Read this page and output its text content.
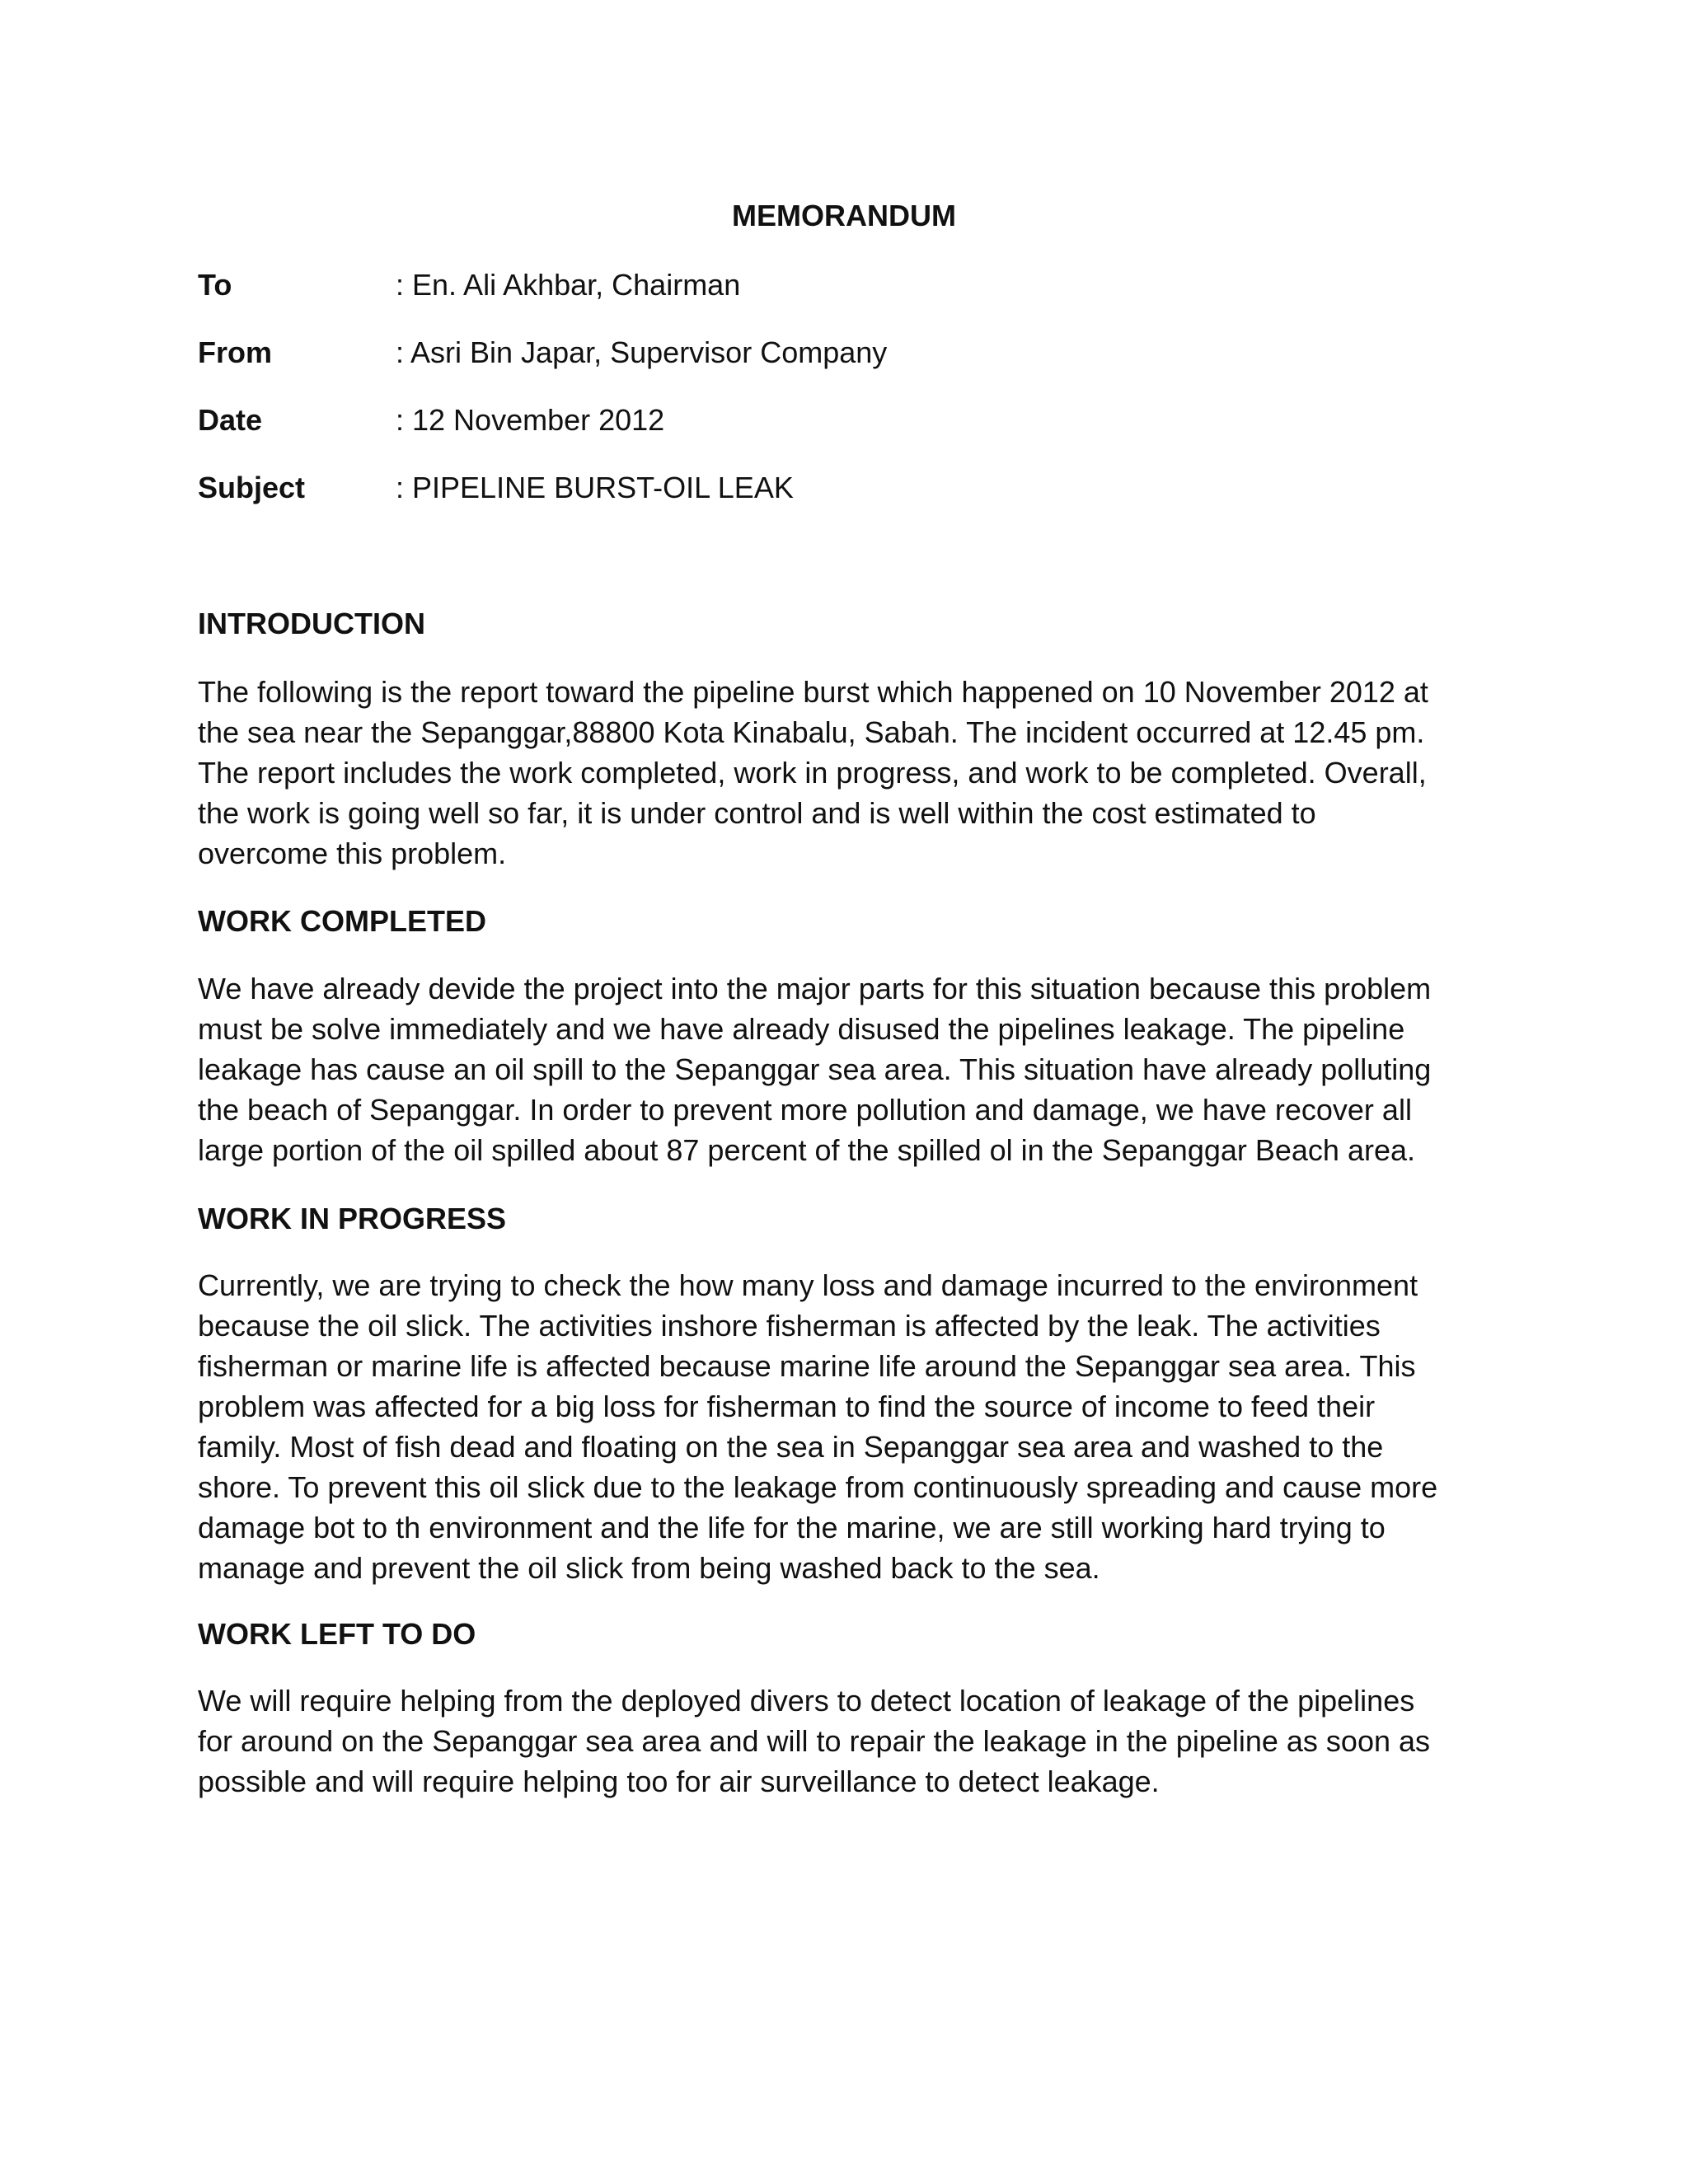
MEMORANDUM
To	: En. Ali Akhbar, Chairman
From	: Asri Bin Japar, Supervisor Company
Date	: 12 November 2012
Subject	: PIPELINE BURST-OIL LEAK
INTRODUCTION

The following is the report toward the pipeline burst which happened on 10 November 2012 at
the sea near the Sepanggar,88800 Kota Kinabalu, Sabah. The incident occurred at 12.45 pm.
The report includes the work completed, work in progress, and work to be completed. Overall,
the work is going well so far, it is under control and is well within the cost estimated to
overcome this problem.

WORK COMPLETED

We have already devide the project into the major parts for this situation because this problem
must be solve immediately and we have already disused the pipelines leakage. The pipeline
leakage has cause an oil spill to the Sepanggar sea area. This situation have already polluting
the beach of Sepanggar. In order to prevent more pollution and damage, we have recover all
large portion of the oil spilled about 87 percent of the spilled ol in the Sepanggar Beach area.

WORK IN PROGRESS

Currently, we are trying to check the how many loss and damage incurred to the environment
because the oil slick. The activities inshore fisherman is affected by the leak. The activities
fisherman or marine life is affected because marine life around the Sepanggar sea area. This
problem was affected for a big loss for fisherman to find the source of income to feed their
family. Most of fish dead and floating on the sea in Sepanggar sea area and washed to the
shore. To prevent this oil slick due to the leakage from continuously spreading and cause more
damage bot to th environment and the life for the marine, we are still working hard trying to
manage and prevent the oil slick from being washed back to the sea.

WORK LEFT TO DO

We will require helping from the deployed divers to detect location of leakage of the pipelines
for around on the Sepanggar sea area and will to repair the leakage in the pipeline as soon as
possible and will require helping too for air surveillance to detect leakage.
